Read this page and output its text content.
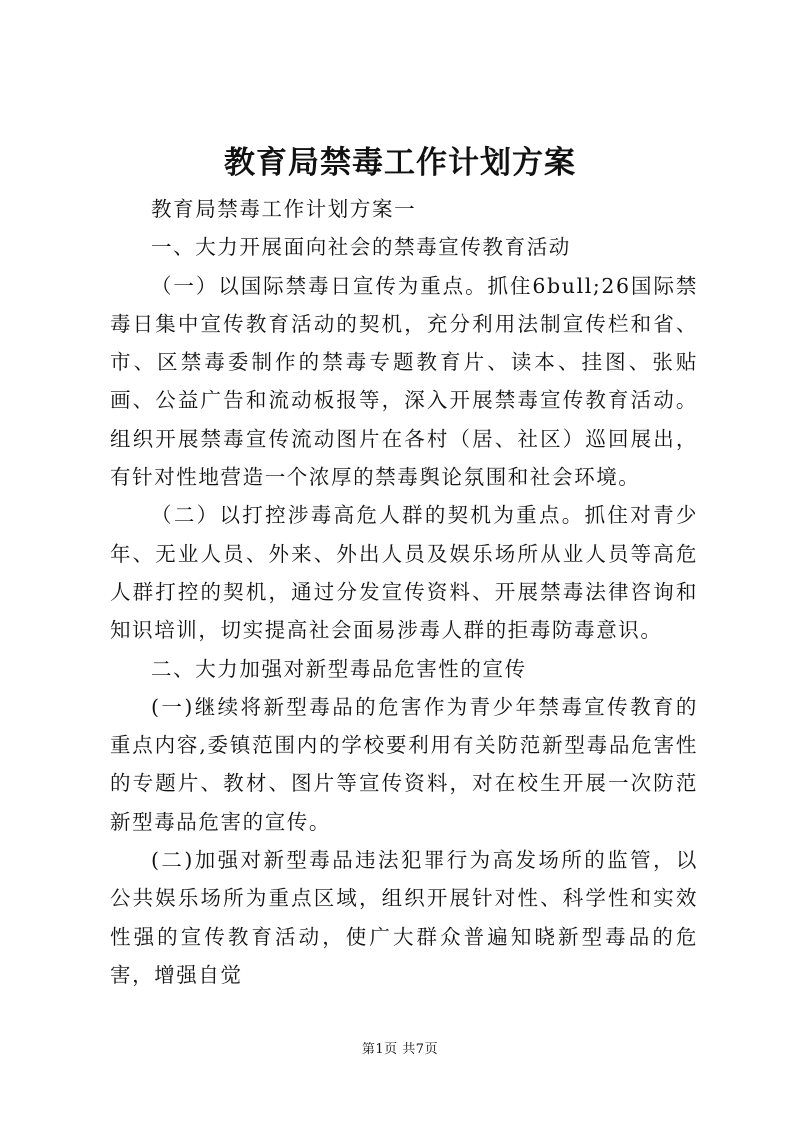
教育局禁毒工作计划方案

教育局禁毒工作计划方案一

一、大力开展面向社会的禁毒宣传教育活动

（一）以国际禁毒日宣传为重点。抓住6bull;26国际禁毒日集中宣传教育活动的契机，充分利用法制宣传栏和省、市、区禁毒委制作的禁毒专题教育片、读本、挂图、张贴画、公益广告和流动板报等，深入开展禁毒宣传教育活动。组织开展禁毒宣传流动图片在各村（居、社区）巡回展出，有针对性地营造一个浓厚的禁毒舆论氛围和社会环境。

（二）以打控涉毒高危人群的契机为重点。抓住对青少年、无业人员、外来、外出人员及娱乐场所从业人员等高危人群打控的契机，通过分发宣传资料、开展禁毒法律咨询和知识培训，切实提高社会面易涉毒人群的拒毒防毒意识。

二、大力加强对新型毒品危害性的宣传

(一)继续将新型毒品的危害作为青少年禁毒宣传教育的重点内容,委镇范围内的学校要利用有关防范新型毒品危害性的专题片、教材、图片等宣传资料，对在校生开展一次防范新型毒品危害的宣传。

(二)加强对新型毒品违法犯罪行为高发场所的监管，以公共娱乐场所为重点区域，组织开展针对性、科学性和实效性强的宣传教育活动，使广大群众普遍知晓新型毒品的危害，增强自觉

第1页 共7页
